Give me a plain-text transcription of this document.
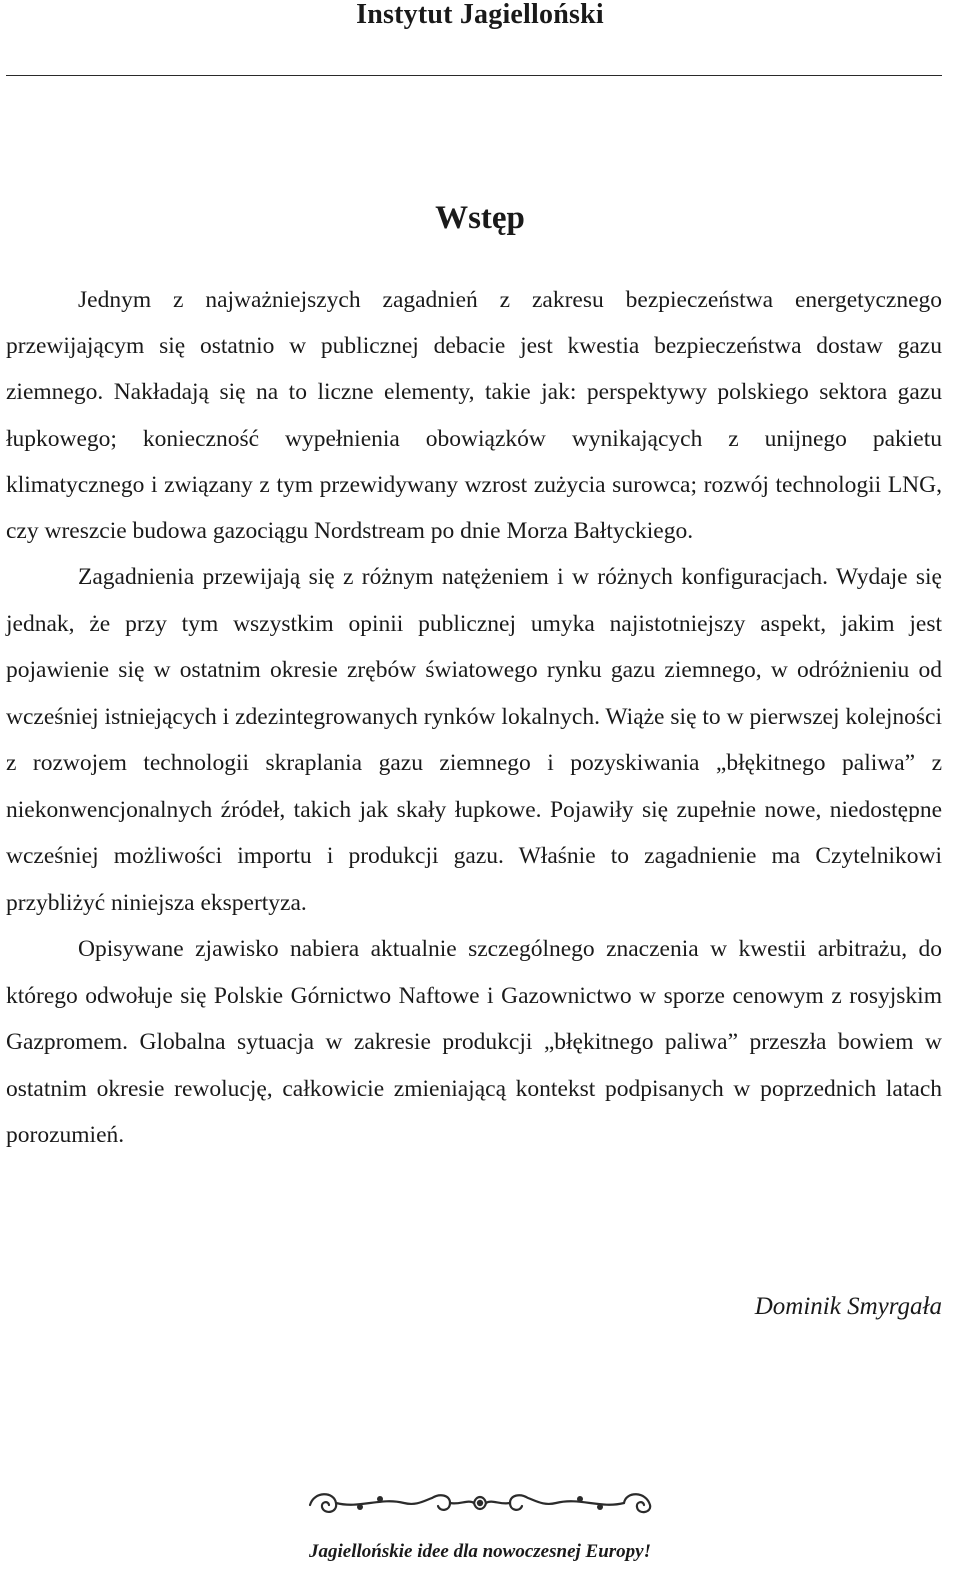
Instytut Jagielloński
Wstęp

Jednym z najważniejszych zagadnień z zakresu bezpieczeństwa energetycznego przewijającym się ostatnio w publicznej debacie jest kwestia bezpieczeństwa dostaw gazu ziemnego. Nakładają się na to liczne elementy, takie jak: perspektywy polskiego sektora gazu łupkowego; konieczność wypełnienia obowiązków wynikających z unijnego pakietu klimatycznego i związany z tym przewidywany wzrost zużycia surowca; rozwój technologii LNG, czy wreszcie budowa gazociągu Nordstream po dnie Morza Bałtyckiego.

Zagadnienia przewijają się z różnym natężeniem i w różnych konfiguracjach. Wydaje się jednak, że przy tym wszystkim opinii publicznej umyka najistotniejszy aspekt, jakim jest pojawienie się w ostatnim okresie zrębów światowego rynku gazu ziemnego, w odróżnieniu od wcześniej istniejących i zdezintegrowanych rynków lokalnych. Wiąże się to w pierwszej kolejności z rozwojem technologii skraplania gazu ziemnego i pozyskiwania „błękitnego paliwa” z niekonwencjonalnych źródeł, takich jak skały łupkowe. Pojawiły się zupełnie nowe, niedostępne wcześniej możliwości importu i produkcji gazu. Właśnie to zagadnienie ma Czytelnikowi przybliżyć niniejsza ekspertyza.

Opisywane zjawisko nabiera aktualnie szczególnego znaczenia w kwestii arbitrażu, do którego odwołuje się Polskie Górnictwo Naftowe i Gazownictwo w sporze cenowym z rosyjskim Gazpromem. Globalna sytuacja w zakresie produkcji „błękitnego paliwa” przeszła bowiem w ostatnim okresie rewolucję, całkowicie zmieniającą kontekst podpisanych w poprzednich latach porozumień.

Dominik Smyrgała
Jagiellońskie idee dla nowoczesnej Europy!
